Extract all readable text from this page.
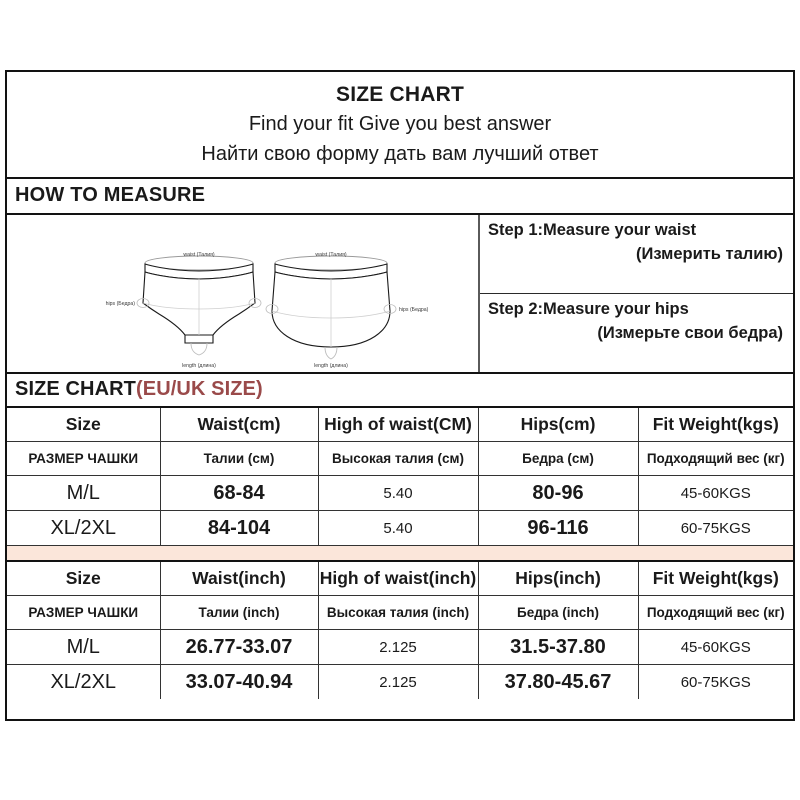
SIZE CHART
Find your fit Give you best answer
Найти свою форму дать вам лучший ответ
HOW TO MEASURE
waist (Талия)
hips (Бедра)
length (длина)
waist (Талия)
hips (Бедра)
length (длина)
Step 1:Measure your waist
(Измерить талию)
Step 2:Measure your hips
(Измерьте свои бедра)
SIZE CHART(EU/UK SIZE)
Size	Waist(cm)	High of waist(CM)	Hips(cm)	Fit Weight(kgs)
РАЗМЕР ЧАШКИ	Талии (см)	Высокая талия (см)	Бедра (см)	Подходящий вес (кг)
M/L	68-84	5.40	80-96	45-60KGS
XL/2XL	84-104	5.40	96-116	60-75KGS
Size	Waist(inch)	High of waist(inch)	Hips(inch)	Fit Weight(kgs)
РАЗМЕР ЧАШКИ	Талии (inch)	Высокая талия (inch)	Бедра (inch)	Подходящий вес (кг)
M/L	26.77-33.07	2.125	31.5-37.80	45-60KGS
XL/2XL	33.07-40.94	2.125	37.80-45.67	60-75KGS
